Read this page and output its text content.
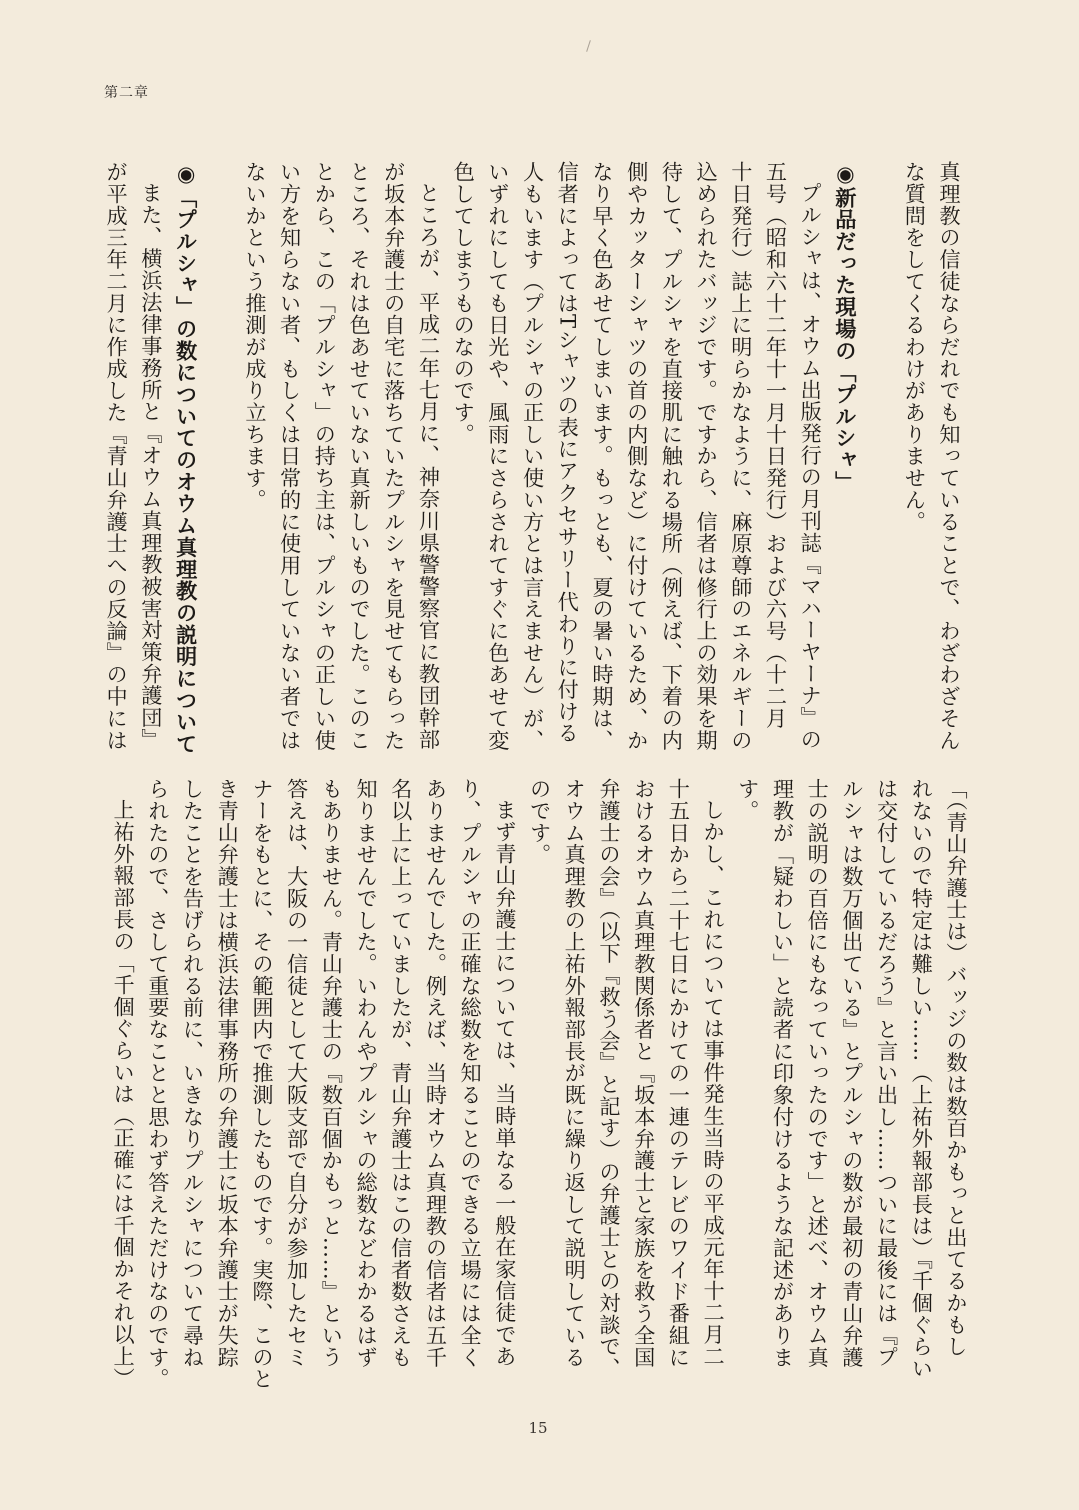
第二章
真理教の信徒ならだれでも知っていることで、わざわざそん
な質問をしてくるわけがありません。
◉新品だった現場の「プルシャ」
プルシャは、オウム出版発行の月刊誌『マハーヤーナ』の
五号（昭和六十二年十一月十日発行）および六号（十二月
十日発行）誌上に明らかなように、麻原尊師のエネルギーの
込められたバッジです。ですから、信者は修行上の効果を期
待して、プルシャを直接肌に触れる場所（例えば、下着の内
側やカッターシャツの首の内側など）に付けているため、か
なり早く色あせてしまいます。もっとも、夏の暑い時期は、
信者によってはTシャツの表にアクセサリー代わりに付ける
人もいます（プルシャの正しい使い方とは言えません）が、
いずれにしても日光や、風雨にさらされてすぐに色あせて変
色してしまうものなのです。
ところが、平成二年七月に、神奈川県警警察官に教団幹部
が坂本弁護士の自宅に落ちていたプルシャを見せてもらった
ところ、それは色あせていない真新しいものでした。このこ
とから、この「プルシャ」の持ち主は、プルシャの正しい使
い方を知らない者、もしくは日常的に使用していない者では
ないかという推測が成り立ちます。
◉「プルシャ」の数についてのオウム真理教の説明について
また、横浜法律事務所と『オウム真理教被害対策弁護団』
が平成三年二月に作成した『青山弁護士への反論』の中には
「（青山弁護士は）バッジの数は数百かもっと出てるかもし
れないので特定は難しい……（上祐外報部長は）『千個ぐらい
は交付しているだろう』と言い出し……ついに最後には『プ
ルシャは数万個出ている』とプルシャの数が最初の青山弁護
士の説明の百倍にもなっていったのです」と述べ、オウム真
理教が「疑わしい」と読者に印象付けるような記述がありま
す。
しかし、これについては事件発生当時の平成元年十二月二
十五日から二十七日にかけての一連のテレビのワイド番組に
おけるオウム真理教関係者と『坂本弁護士と家族を救う全国
弁護士の会』（以下『救う会』と記す）の弁護士との対談で、
オウム真理教の上祐外報部長が既に繰り返して説明している
のです。
まず青山弁護士については、当時単なる一般在家信徒であ
り、プルシャの正確な総数を知ることのできる立場には全く
ありませんでした。例えば、当時オウム真理教の信者は五千
名以上に上っていましたが、青山弁護士はこの信者数さえも
知りませんでした。いわんやプルシャの総数などわかるはず
もありません。青山弁護士の『数百個かもっと……』という
答えは、大阪の一信徒として大阪支部で自分が参加したセミ
ナーをもとに、その範囲内で推測したものです。実際、このと
き青山弁護士は横浜法律事務所の弁護士に坂本弁護士が失踪
したことを告げられる前に、いきなりプルシャについて尋ね
られたので、さして重要なことと思わず答えただけなのです。
上祐外報部長の「千個ぐらいは（正確には千個かそれ以上）
15
